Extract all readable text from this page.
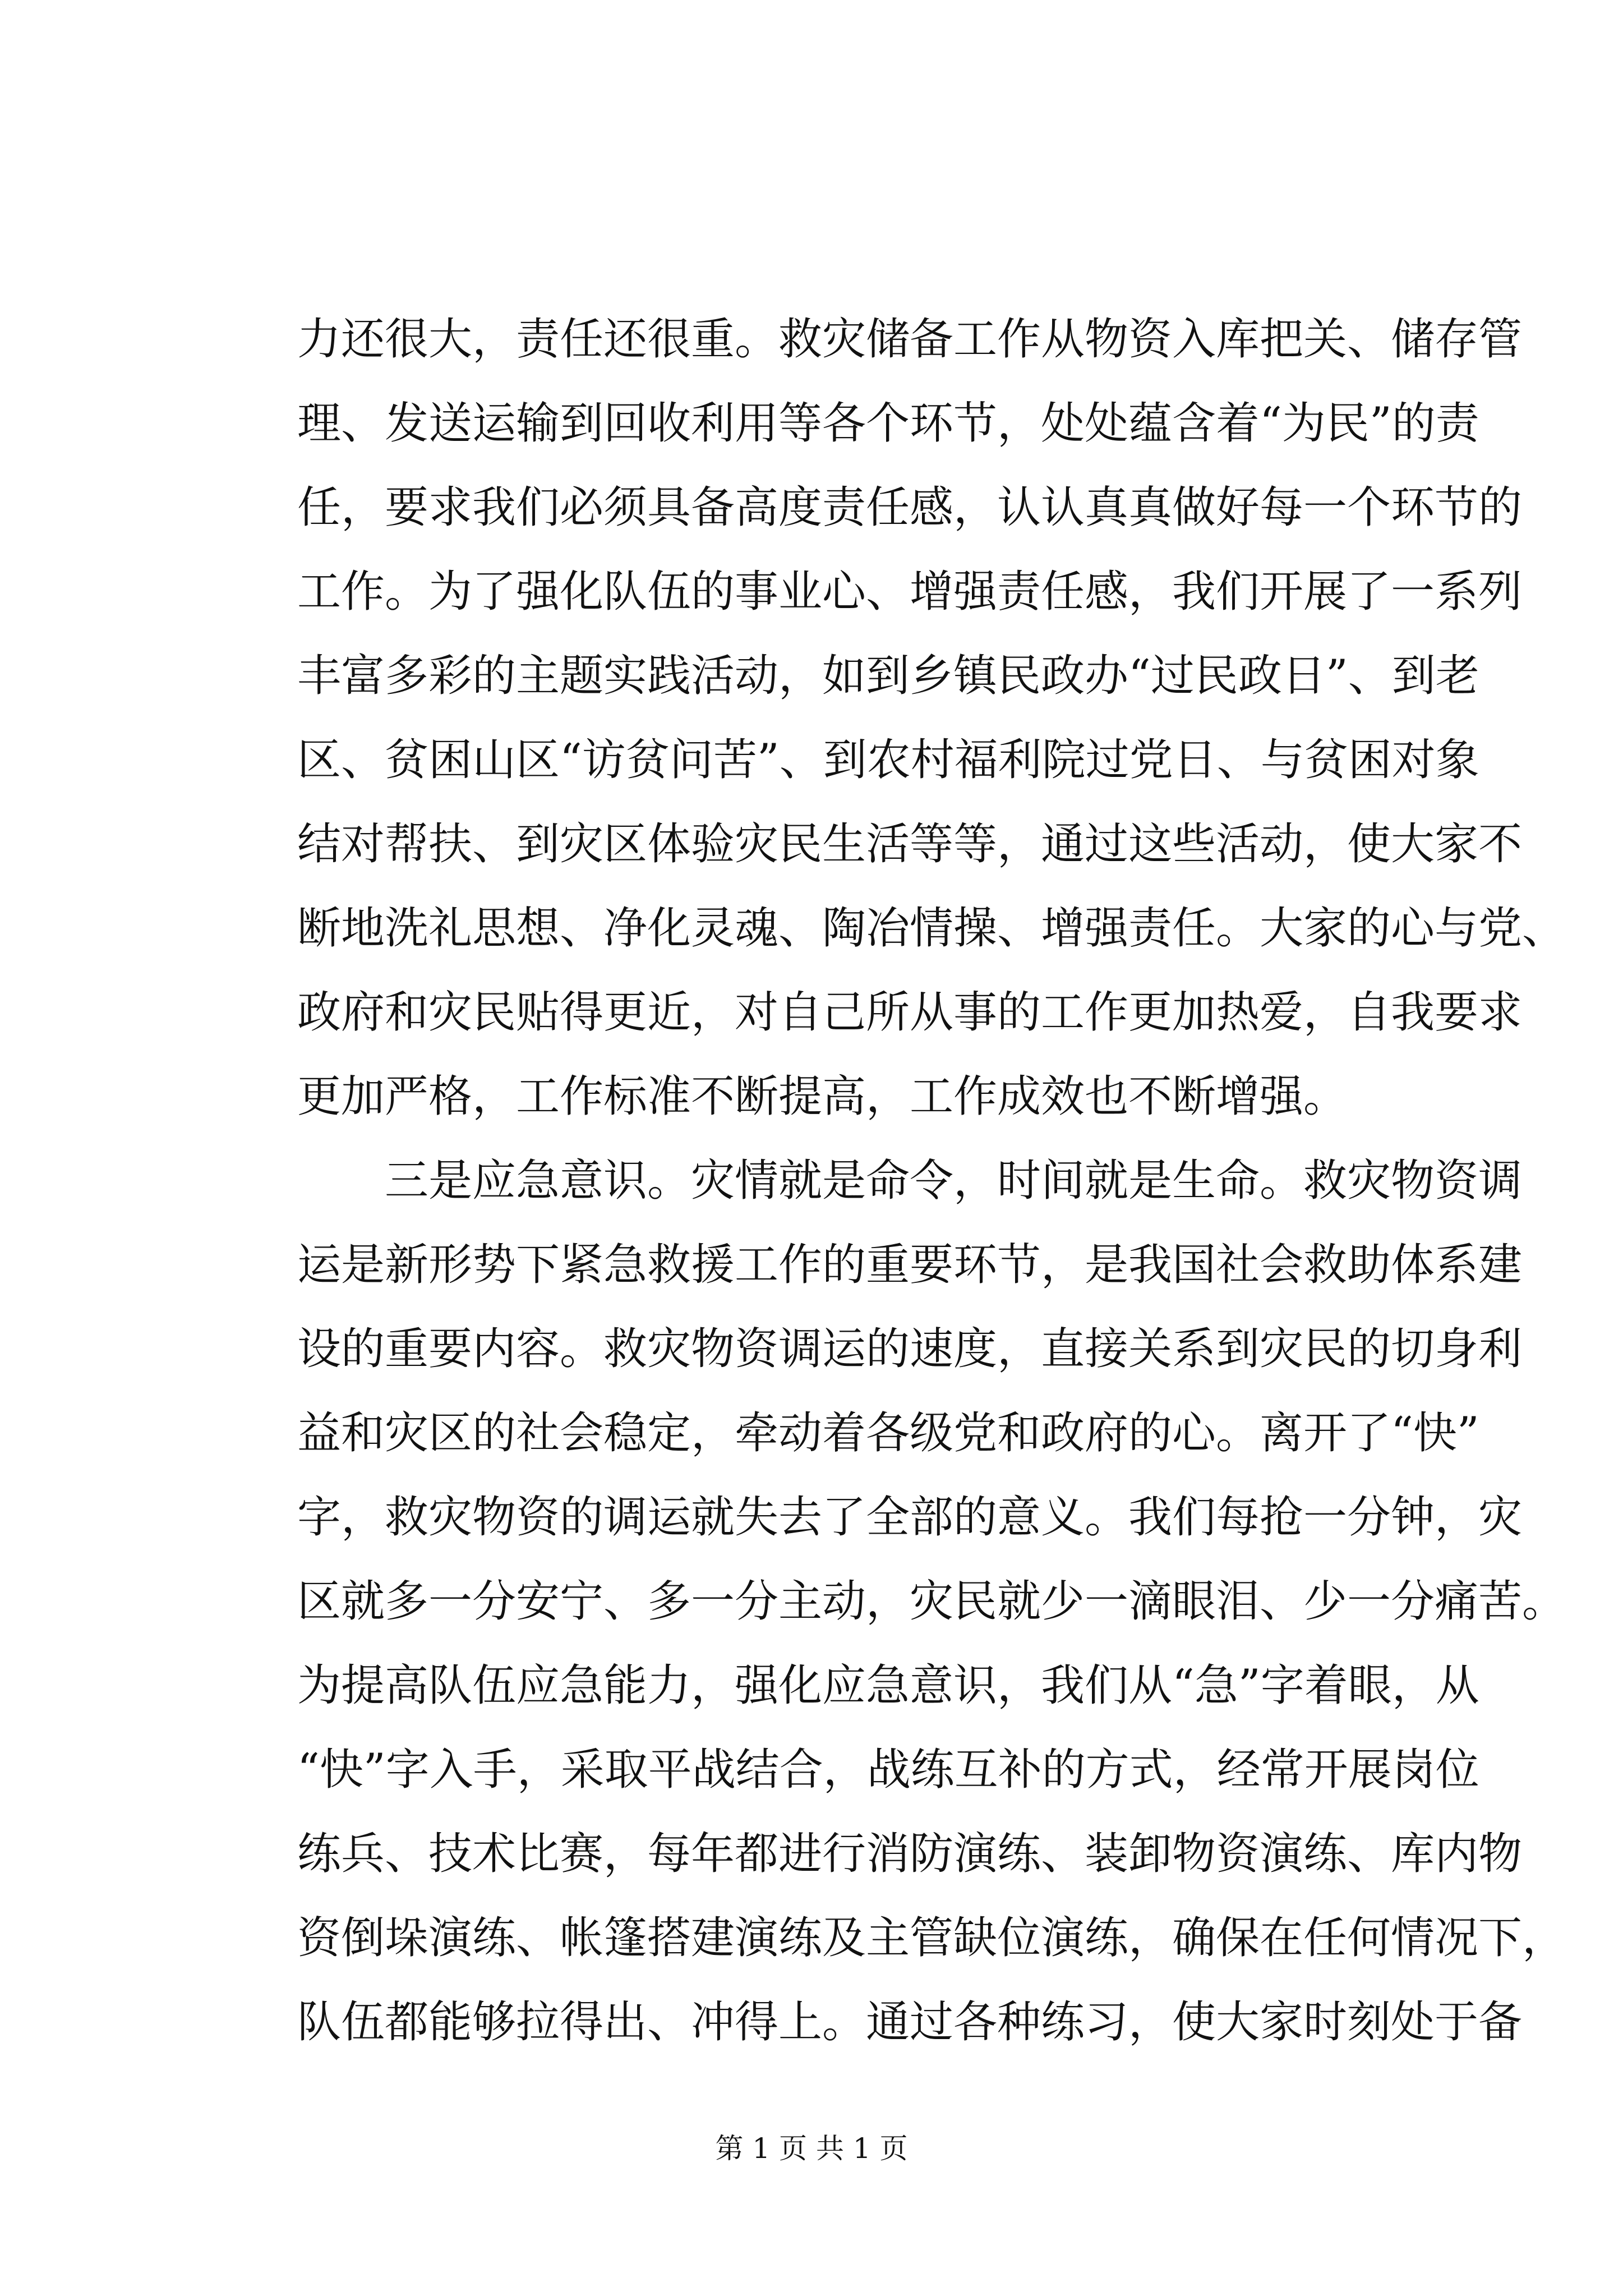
力还很大，责任还很重。救灾储备工作从物资入库把关、储存管
理、发送运输到回收利用等各个环节，处处蕴含着“为民”的责
任，要求我们必须具备高度责任感，认认真真做好每一个环节的
工作。为了强化队伍的事业心、增强责任感，我们开展了一系列
丰富多彩的主题实践活动，如到乡镇民政办“过民政日”、到老
区、贫困山区“访贫问苦”、到农村福利院过党日、与贫困对象
结对帮扶、到灾区体验灾民生活等等，通过这些活动，使大家不
断地洗礼思想、净化灵魂、陶冶情操、增强责任。大家的心与党、
政府和灾民贴得更近，对自己所从事的工作更加热爱，自我要求
更加严格，工作标准不断提高，工作成效也不断增强。
三是应急意识。灾情就是命令，时间就是生命。救灾物资调
运是新形势下紧急救援工作的重要环节，是我国社会救助体系建
设的重要内容。救灾物资调运的速度，直接关系到灾民的切身利
益和灾区的社会稳定，牵动着各级党和政府的心。离开了“快”
字，救灾物资的调运就失去了全部的意义。我们每抢一分钟，灾
区就多一分安宁、多一分主动，灾民就少一滴眼泪、少一分痛苦。
为提高队伍应急能力，强化应急意识，我们从“急”字着眼，从
“快”字入手，采取平战结合，战练互补的方式，经常开展岗位
练兵、技术比赛，每年都进行消防演练、装卸物资演练、库内物
资倒垛演练、帐篷搭建演练及主管缺位演练，确保在任何情况下，
队伍都能够拉得出、冲得上。通过各种练习，使大家时刻处于备
第 1 页 共 1 页
